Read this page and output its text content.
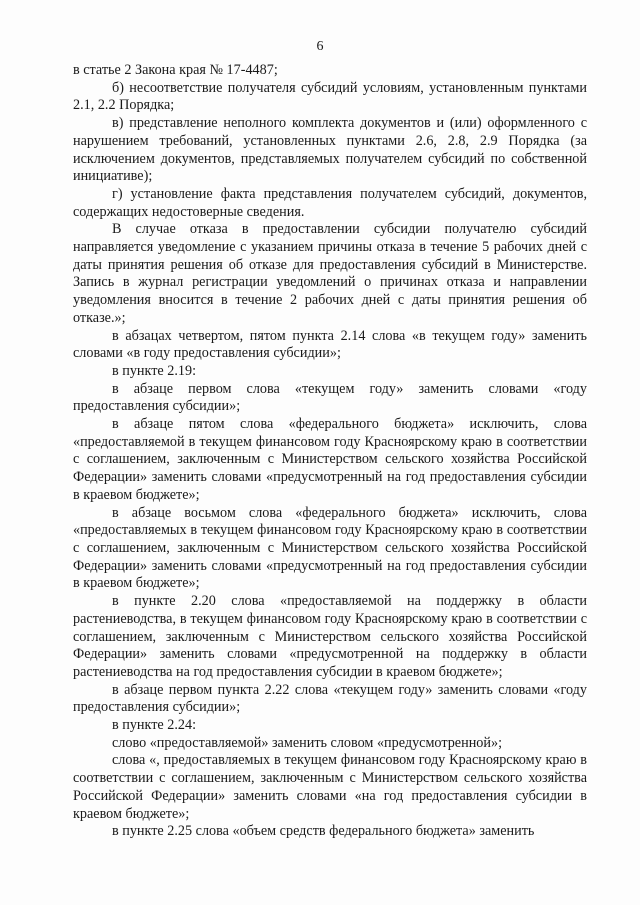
6

в статье 2 Закона края № 17-4487;

б) несоответствие получателя субсидий условиям, установленным пунктами 2.1, 2.2 Порядка;

в) представление неполного комплекта документов и (или) оформленного с нарушением требований, установленных пунктами 2.6, 2.8, 2.9 Порядка (за исключением документов, представляемых получателем субсидий по собственной инициативе);

г) установление факта представления получателем субсидий, документов, содержащих недостоверные сведения.

В случае отказа в предоставлении субсидии получателю субсидий направляется уведомление с указанием причины отказа в течение 5 рабочих дней с даты принятия решения об отказе для предоставления субсидий в Министерстве. Запись в журнал регистрации уведомлений о причинах отказа и направлении уведомления вносится в течение 2 рабочих дней с даты принятия решения об отказе.»;

в абзацах четвертом, пятом пункта 2.14 слова «в текущем году» заменить словами «в году предоставления субсидии»;

в пункте 2.19:

в абзаце первом слова «текущем году» заменить словами «году предоставления субсидии»;

в абзаце пятом слова «федерального бюджета» исключить, слова «предоставляемой в текущем финансовом году Красноярскому краю в соответствии с соглашением, заключенным с Министерством сельского хозяйства Российской Федерации» заменить словами «предусмотренный на год предоставления субсидии в краевом бюджете»;

в абзаце восьмом слова «федерального бюджета» исключить, слова «предоставляемых в текущем финансовом году Красноярскому краю в соответствии с соглашением, заключенным с Министерством сельского хозяйства Российской Федерации» заменить словами «предусмотренный на год предоставления субсидии в краевом бюджете»;

в пункте 2.20 слова «предоставляемой на поддержку в области растениеводства, в текущем финансовом году Красноярскому краю в соответствии с соглашением, заключенным с Министерством сельского хозяйства Российской Федерации» заменить словами «предусмотренной на поддержку в области растениеводства на год предоставления субсидии в краевом бюджете»;

в абзаце первом пункта 2.22 слова «текущем году» заменить словами «году предоставления субсидии»;

в пункте 2.24:

слово «предоставляемой» заменить словом «предусмотренной»;

слова «, предоставляемых в текущем финансовом году Красноярскому краю в соответствии с соглашением, заключенным с Министерством сельского хозяйства Российской Федерации» заменить словами «на год предоставления субсидии в краевом бюджете»;

в пункте 2.25 слова «объем средств федерального бюджета» заменить
